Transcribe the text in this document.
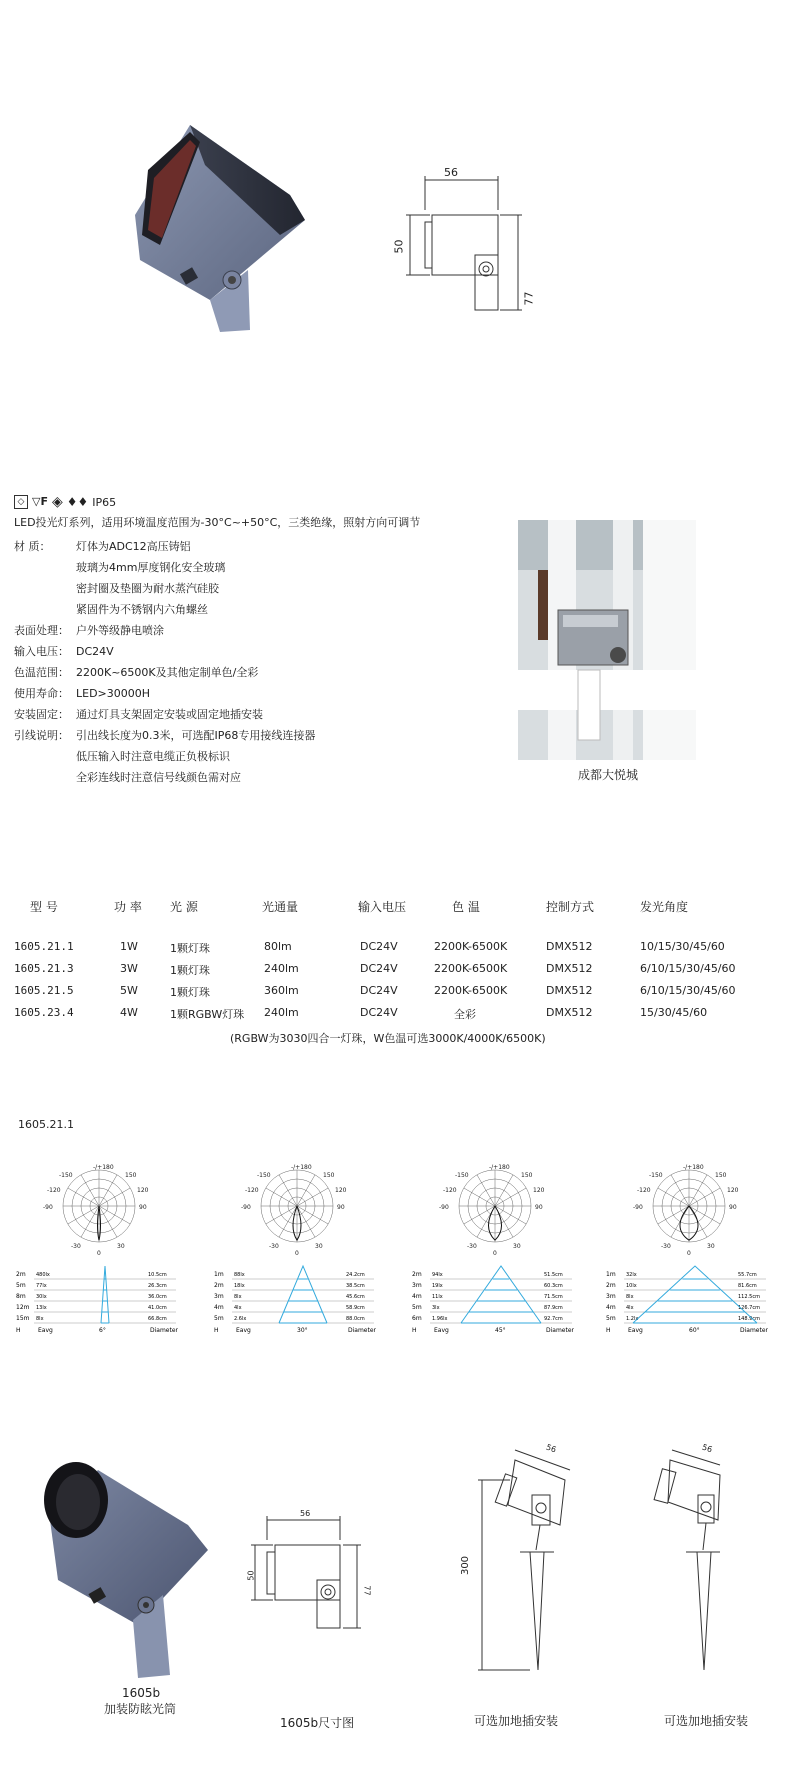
56
50
77
◇ ▽F ◈ ♦♦ IP65
LED投光灯系列，适用环境温度范围为-30°C~+50°C，三类绝缘，照射方向可调节
材 质： 灯体为ADC12高压铸铝
玻璃为4mm厚度钢化安全玻璃
密封圈及垫圈为耐水蒸汽硅胶
紧固件为不锈钢内六角螺丝
表面处理： 户外等级静电喷涂
输入电压： DC24V
色温范围： 2200K~6500K及其他定制单色/全彩
使用寿命： LED>30000H
安装固定： 通过灯具支架固定安装或固定地插安装
引线说明： 引出线长度为0.3米，可选配IP68专用接线连接器
低压输入时注意电缆正负极标识
全彩连线时注意信号线颜色需对应	成都大悦城
型 号	功 率 光 源	光通量	输入电压	色 温	控制方式	发光角度
1605.21.1	1W	1颗灯珠	80lm	DC24V	2200K-6500K	DMX512	10/15/30/45/60
1605.21.3	3W	1颗灯珠	240lm	DC24V	2200K-6500K	DMX512	6/10/15/30/45/60
1605.21.5	5W	1颗灯珠	360lm	DC24V	2200K-6500K	DMX512	6/10/15/30/45/60
1605.23.4	4W	1颗RGBW灯珠 240lm	DC24V	全彩	DMX512	15/30/45/60
(RGBW为3030四合一灯珠，W色温可选3000K/4000K/6500K)
1605.21.1
-/+180
-150	150
-120	120
-90	90
-30	30
0
2m 480lx	10.5cm
5m 77lx	26.3cm
8m 30lx	36.0cm
12m 13lx	41.0cm
15m 8lx	66.8cm
H	Eavg	6°	Diameter
-/+180
-150	150
-120	120
-90	90
-30	30
0
1m 88lx	24.2cm
2m 18lx	38.5cm
3m 8lx	45.6cm
4m 4lx	58.9cm
5m 2.6lx	88.0cm
H	Eavg	30°	Diameter
-/+180
-150	150
-120	120
-90	90
-30	30
0
2m 94lx	51.5cm
3m 19lx	60.3cm
4m 11lx	71.5cm
5m 3lx	87.9cm
6m 1.96lx	92.7cm
H	Eavg	45°	Diameter
-/+180
-150	150
-120	120
-90	90
-30	30
0
1m 32lx	55.7cm
2m 10lx	81.6cm
3m 8lx	112.5cm
4m 4lx	126.7cm
5m 1.2lx	148.9cm
H	Eavg	60°	Diameter
1605b
加装防眩光筒
56
50
77
1605b尺寸图
56
300
可选加地插安装
56
可选加地插安装
